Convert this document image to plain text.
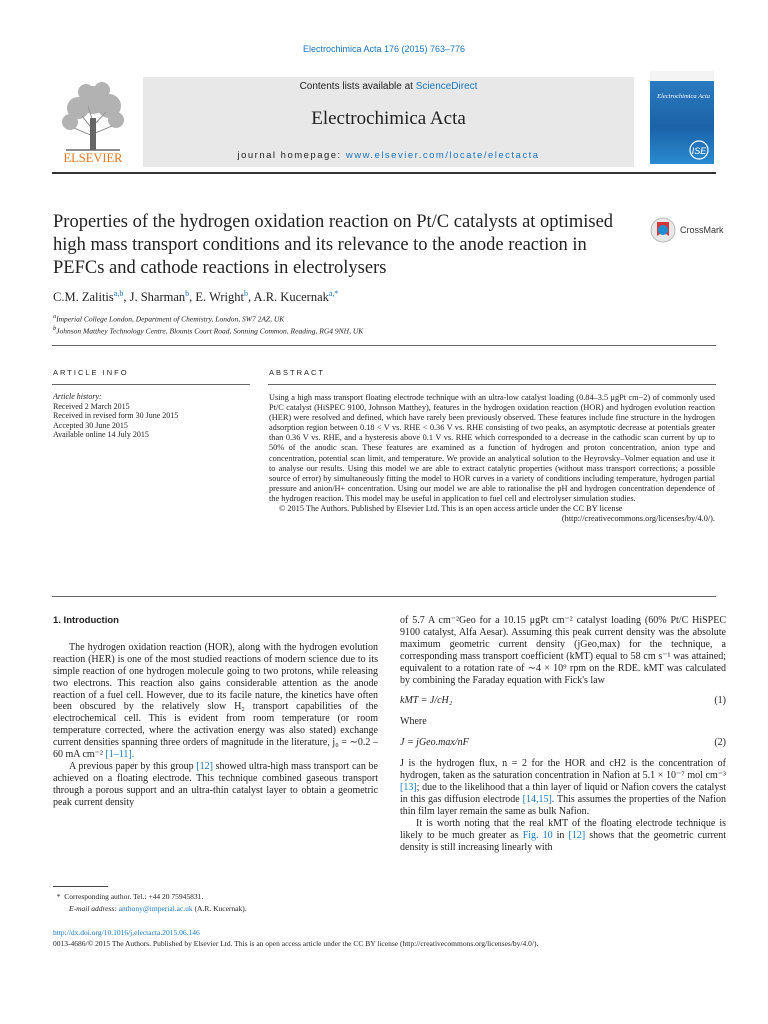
Electrochimica Acta 176 (2015) 763–776
ELSEVIER
Contents lists available at ScienceDirect
Electrochimica Acta
journal homepage: www.elsevier.com/locate/electacta
Electrochimica Acta
ISE
Properties of the hydrogen oxidation reaction on Pt/C catalysts at optimised high mass transport conditions and its relevance to the anode reaction in PEFCs and cathode reactions in electrolysers
CrossMark
C.M. Zalitis$^{a,b}$, J. Sharman$^b$, E. Wright$^b$, A.R. Kucernak$^{a,*}$
$^a$Imperial College London, Department of Chemistry, London, SW7 2AZ, UK
$^b$Johnson Matthey Technology Centre, Blounts Court Road, Sonning Common, Reading, RG4 9NH, UK
ARTICLE INFO	ABSTRACT
Article history:
Received 2 March 2015
Received in revised form 30 June 2015
Accepted 30 June 2015
Available online 14 July 2015
Using a high mass transport floating electrode technique with an ultra-low catalyst loading (0.84–3.5 μgPt cm−2) of commonly used Pt/C catalyst (HiSPEC 9100, Johnson Matthey), features in the hydrogen oxidation reaction (HOR) and hydrogen evolution reaction (HER) were resolved and defined, which have rarely been previously observed. These features include fine structure in the hydrogen adsorption region between 0.18 < V vs. RHE < 0.36 V vs. RHE consisting of two peaks, an asymptotic decrease at potentials greater than 0.36 V vs. RHE, and a hysteresis above 0.1 V vs. RHE which corresponded to a decrease in the cathodic scan current by up to 50% of the anodic scan. These features are examined as a function of hydrogen and proton concentration, anion type and concentration, potential scan limit, and temperature. We provide an analytical solution to the Heyrovsky–Volmer equation and use it to analyse our results. Using this model we are able to extract catalytic properties (without mass transport corrections; a possible source of error) by simultaneously fitting the model to HOR curves in a variety of conditions including temperature, hydrogen partial pressure and anion/H+ concentration. Using our model we are able to rationalise the pH and hydrogen concentration dependence of the hydrogen reaction. This model may be useful in application to fuel cell and electrolyser simulation studies.
© 2015 The Authors. Published by Elsevier Ltd. This is an open access article under the CC BY license
(http://creativecommons.org/licenses/by/4.0/).
1. Introduction
The hydrogen oxidation reaction (HOR), along with the hydrogen evolution reaction (HER) is one of the most studied reactions of modern science due to its simple reaction of one hydrogen molecule going to two protons, while releasing two electrons. This reaction also gains considerable attention as the anode reaction of a fuel cell. However, due to its facile nature, the kinetics have often been obscured by the relatively slow H₂ transport capabilities of the electrochemical cell. This is evident from room temperature (or room temperature corrected, where the activation energy was also stated) exchange current densities spanning three orders of magnitude in the literature, j₀ = ∼0.2 – 60 mA cm⁻² [1–11].
A previous paper by this group [12] showed ultra-high mass transport can be achieved on a floating electrode. This technique combined gaseous transport through a porous support and an ultra-thin catalyst layer to obtain a geometric peak current density
of 5.7 A cm⁻²Geo for a 10.15 μgPt cm⁻² catalyst loading (60% Pt/C HiSPEC 9100 catalyst, Alfa Aesar). Assuming this peak current density was the absolute maximum geometric current density (jGeo,max) for the technique, a corresponding mass transport coefficient (kMT) equal to 58 cm s⁻¹ was attained; equivalent to a rotation rate of ∼4 × 10⁹ rpm on the RDE. kMT was calculated by combining the Faraday equation with Fick's law
kMT = J/cH₂	(1)
Where
J = jGeo.max/nF	(2)
J is the hydrogen flux, n = 2 for the HOR and cH2 is the concentration of hydrogen, taken as the saturation concentration in Nafion at 5.1 × 10⁻⁷ mol cm⁻³ [13]; due to the likelihood that a thin layer of liquid or Nafion covers the catalyst in this gas diffusion electrode [14,15]. This assumes the properties of the Nafion thin film layer remain the same as bulk Nafion.
It is worth noting that the real kMT of the floating electrode technique is likely to be much greater as Fig. 10 in [12] shows that the geometric current density is still increasing linearly with
* Corresponding author. Tel.: +44 20 75945831.
E-mail address: anthony@imperial.ac.uk (A.R. Kucernak).
http://dx.doi.org/10.1016/j.electacta.2015.06.146
0013-4686/© 2015 The Authors. Published by Elsevier Ltd. This is an open access article under the CC BY license (http://creativecommons.org/licenses/by/4.0/).
